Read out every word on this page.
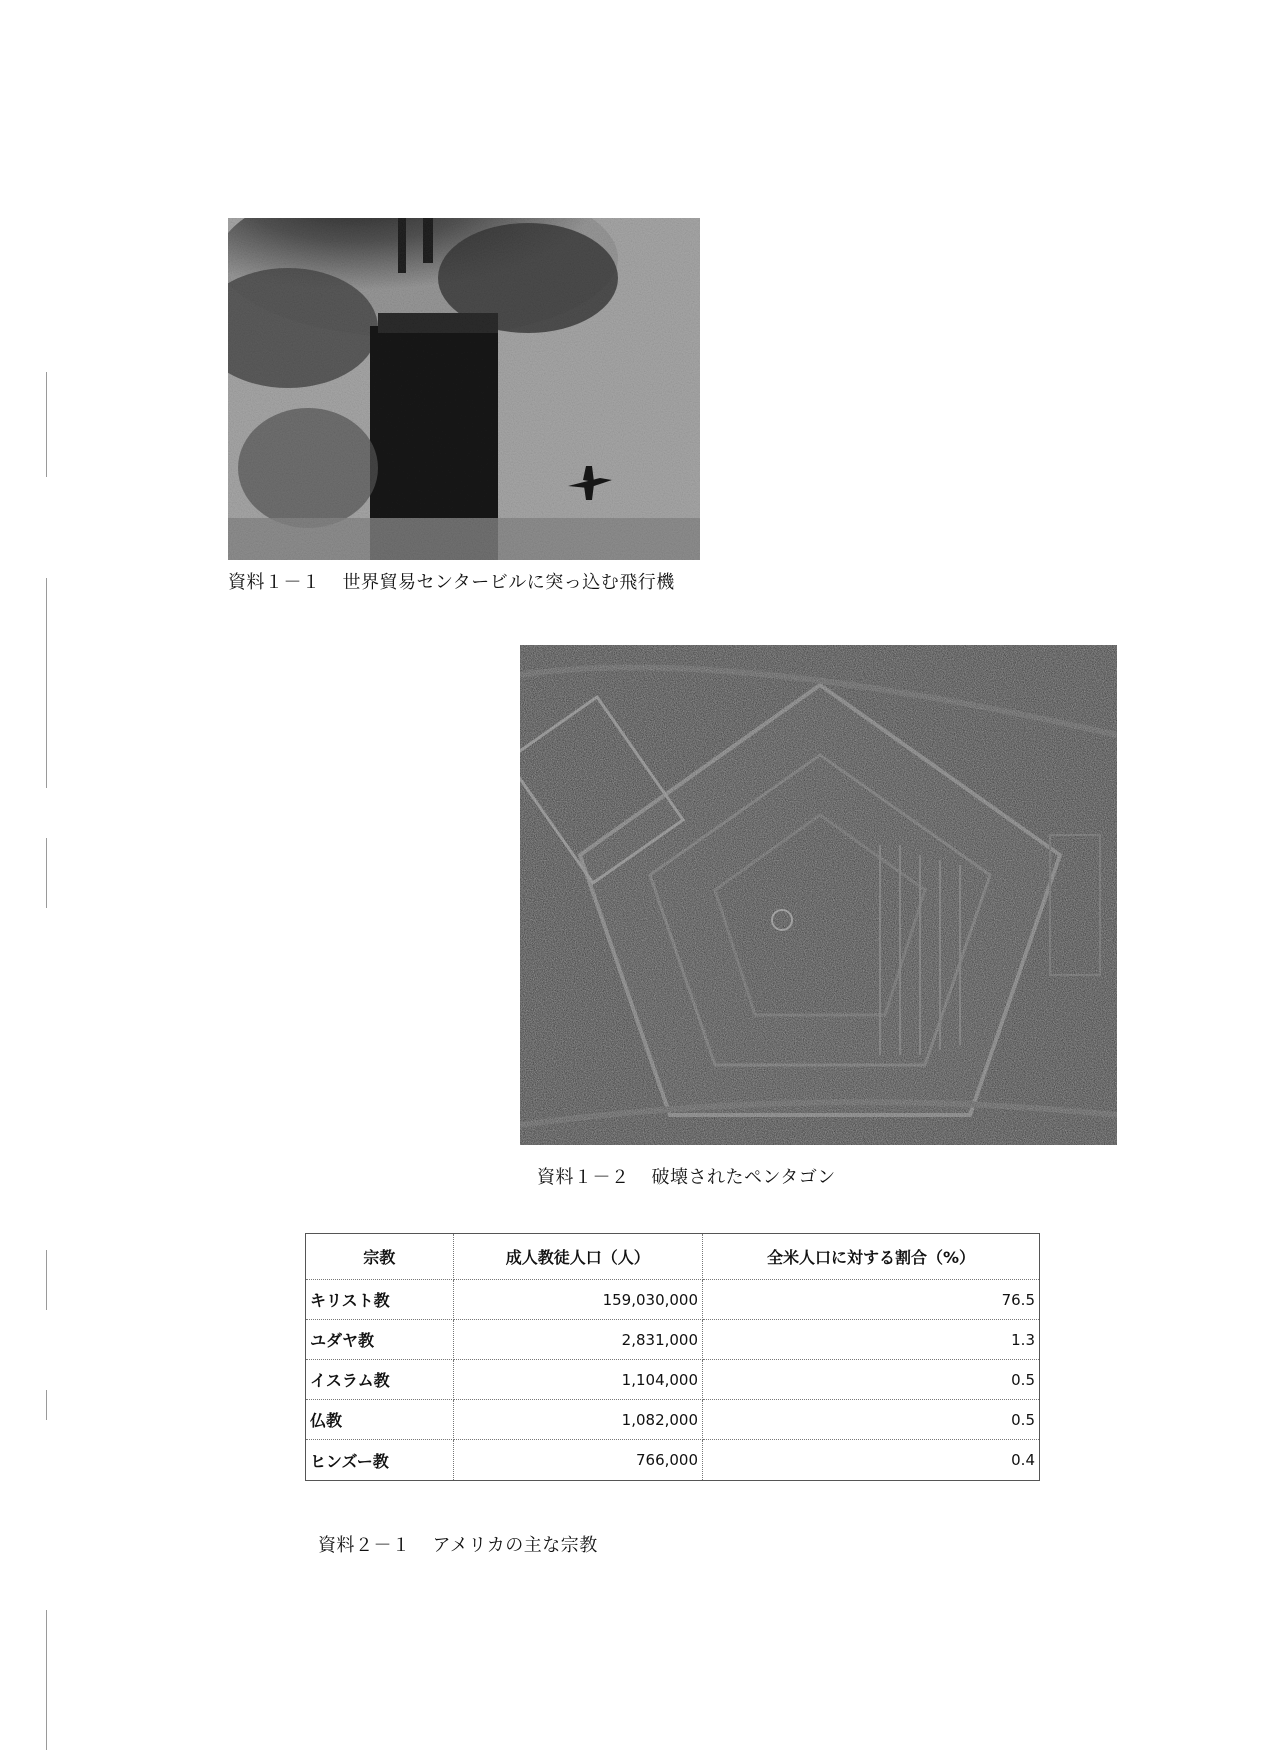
資料１－１ 世界貿易センタービルに突っ込む飛行機
資料１－２ 破壊されたペンタゴン
宗教	成人教徒人口（人）	全米人口に対する割合（%）
キリスト教	159,030,000	76.5
ユダヤ教	2,831,000	1.3
イスラム教	1,104,000	0.5
仏教	1,082,000	0.5
ヒンズー教	766,000	0.4
資料２－１ アメリカの主な宗教
